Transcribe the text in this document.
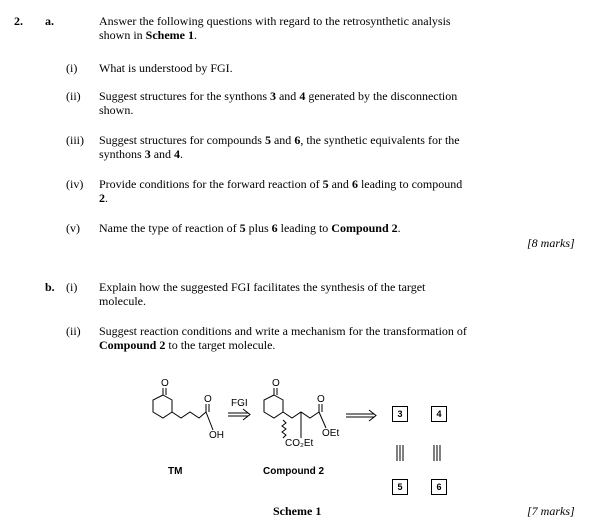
2. a.	Answer the following questions with regard to the retrosynthetic analysis
shown in Scheme 1.
(i) What is understood by FGI.
(ii) Suggest structures for the synthons 3 and 4 generated by the disconnection
shown.
(iii) Suggest structures for compounds 5 and 6, the synthetic equivalents for the
synthons 3 and 4.
(iv) Provide conditions for the forward reaction of 5 and 6 leading to compound
2.
(v) Name the type of reaction of 5 plus 6 leading to Compound 2.
[8 marks]
b. (i) Explain how the suggested FGI facilitates the synthesis of the target
molecule.
(ii) Suggest reaction conditions and write a mechanism for the transformation of
Compound 2 to the target molecule.
O
O
OH
FGI
O
O
OEt
CO₂Et
TM	Compound 2
3	4
5	6
Scheme 1	[7 marks]
